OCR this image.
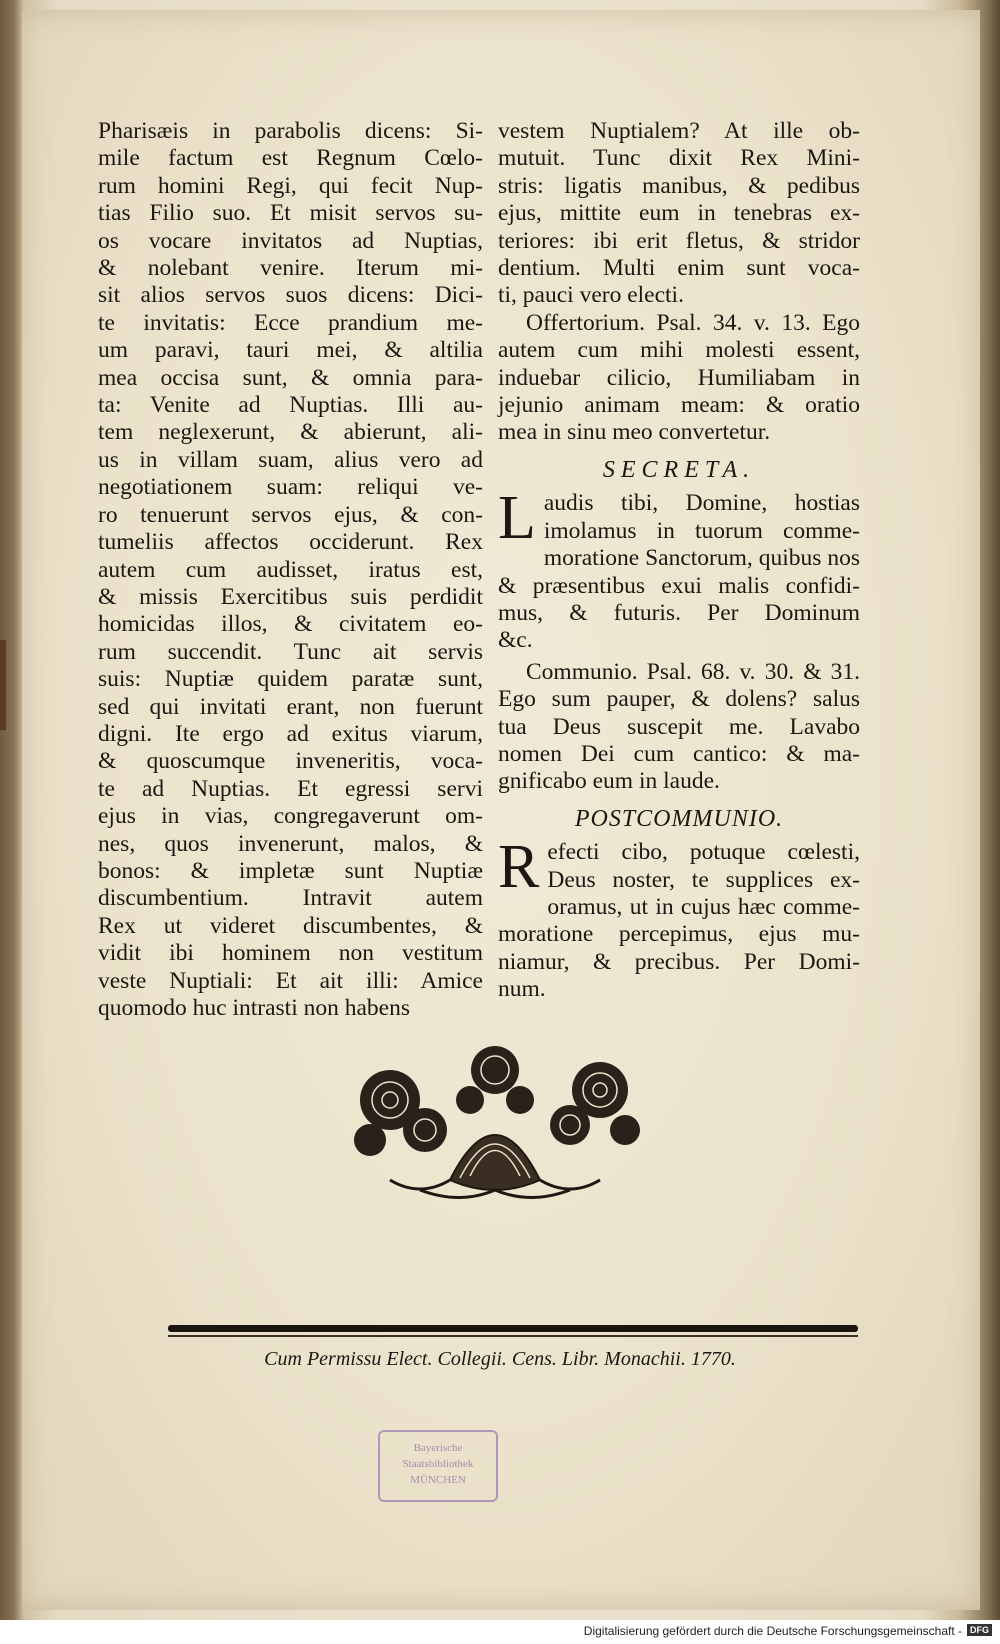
Pharisæis in parabolis dicens: Si-
mile factum est Regnum Cœlo-
rum homini Regi, qui fecit Nup-
tias Filio suo. Et misit servos su-
os vocare invitatos ad Nuptias,
& nolebant venire. Iterum mi-
sit alios servos suos dicens: Dici-
te invitatis: Ecce prandium me-
um paravi, tauri mei, & altilia
mea occisa sunt, & omnia para-
ta: Venite ad Nuptias. Illi au-
tem neglexerunt, & abierunt, ali-
us in villam suam, alius vero ad
negotiationem suam: reliqui ve-
ro tenuerunt servos ejus, & con-
tumeliis affectos occiderunt. Rex
autem cum audisset, iratus est,
& missis Exercitibus suis perdidit
homicidas illos, & civitatem eo-
rum succendit. Tunc ait servis
suis: Nuptiæ quidem paratæ sunt,
sed qui invitati erant, non fuerunt
digni. Ite ergo ad exitus viarum,
& quoscumque inveneritis, voca-
te ad Nuptias. Et egressi servi
ejus in vias, congregaverunt om-
nes, quos invenerunt, malos, &
bonos: & impletæ sunt Nuptiæ
discumbentium. Intravit autem
Rex ut videret discumbentes, &
vidit ibi hominem non vestitum
veste Nuptiali: Et ait illi: Amice
quomodo huc intrasti non habens
vestem Nuptialem? At ille ob-
mutuit. Tunc dixit Rex Mini-
stris: ligatis manibus, & pedibus
ejus, mittite eum in tenebras ex-
teriores: ibi erit fletus, & stridor
dentium. Multi enim sunt voca-
ti, pauci vero electi.
Offertorium. Psal. 34. v. 13. Ego
autem cum mihi molesti essent,
induebar cilicio, Humiliabam in
jejunio animam meam: & oratio
mea in sinu meo convertetur.
SECRETA.
L audis tibi, Domine, hostias
imolamus in tuorum comme-
moratione Sanctorum, quibus nos
& præsentibus exui malis confidi-
mus, & futuris. Per Dominum
&c.
Communio. Psal. 68. v. 30. & 31.
Ego sum pauper, & dolens? salus
tua Deus suscepit me. Lavabo
nomen Dei cum cantico: & ma-
gnificabo eum in laude.
POSTCOMMUNIO.
R efecti cibo, potuque cœlesti,
Deus noster, te supplices ex-
oramus, ut in cujus hæc comme-
moratione percepimus, ejus mu-
niamur, & precibus. Per Domi-
num.
Cum Permissu Elect. Collegii. Cens. Libr. Monachii. 1770.
Bayerische
Staatsbibliothek
MÜNCHEN
Digitalisierung gefördert durch die Deutsche Forschungsgemeinschaft - DFG
